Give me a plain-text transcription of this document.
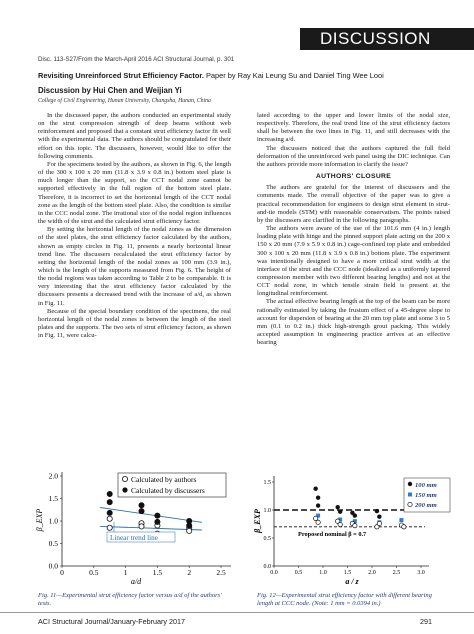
DISCUSSION
Disc. 113-S27/From the March-April 2016 ACI Structural Journal, p. 301
Revisiting Unreinforced Strut Efficiency Factor. Paper by Ray Kai Leung Su and Daniel Ting Wee Looi
Discussion by Hui Chen and Weijian Yi
College of Civil Engineering, Hunan University, Changsha, Hunan, China

In the discussed paper, the authors conducted an experimental study on the strut compression strength of deep beams without web reinforcement and proposed that a constant strut efficiency factor fit well with the experimental data. The authors should be congratulated for their effort on this topic. The discussers, however, would like to offer the following comments.

For the specimens tested by the authors, as shown in Fig. 6, the length of the 300 x 100 x 20 mm (11.8 x 3.9 x 0.8 in.) bottom steel plate is much longer than the support, so the CCT nodal zone cannot be supported effectively in the full region of the bottom steel plate. Therefore, it is incorrect to set the horizontal length of the CCT nodal zone as the length of the bottom steel plate. Also, the condition is similar in the CCC nodal zone. The irrational size of the nodal region influences the width of the strut and the calculated strut efficiency factor.

By setting the horizontal length of the nodal zones as the dimension of the steel plates, the strut efficiency factor calculated by the authors, shown as empty circles in Fig. 11, presents a nearly horizontal linear trend line. The discussers recalculated the strut efficiency factor by setting the horizontal length of the nodal zones as 100 mm (3.9 in.), which is the length of the supports measured from Fig. 6. The height of the nodal regions was taken according to Table 2 to be comparable. It is very interesting that the strut efficiency factor calculated by the discussers presents a decreased trend with the increase of a/d, as shown in Fig. 11.

Because of the special boundary condition of the specimens, the real horizontal length of the nodal zones is between the length of the steel plates and the supports. The two sets of strut efficiency factors, as shown in Fig. 11, were calcu-

lated according to the upper and lower limits of the nodal size, respectively. Therefore, the real trend line of the strut efficiency factors shall be between the two lines in Fig. 11, and still decreases with the increasing a/d.

The discussers noticed that the authors captured the full field deformation of the unreinforced web panel using the DIC technique. Can the authors provide more information to clarify the issue?

AUTHORS' CLOSURE

The authors are grateful for the interest of discussers and the comments made. The overall objective of the paper was to give a practical recommendation for engineers to design strut element in strut-and-tie models (STM) with reasonable conservatism. The points raised by the discussers are clarified in the following paragraphs.

The authors were aware of the use of the 101.6 mm (4 in.) length loading plate with hinge and the pinned support plate acting on the 200 x 150 x 20 mm (7.9 x 5.9 x 0.8 in.) cage-confined top plate and embedded 300 x 100 x 20 mm (11.8 x 3.9 x 0.8 in.) bottom plate. The experiment was intentionally designed to have a more critical strut width at the interface of the strut and the CCC node (idealized as a uniformly tapered compression member with two different bearing lengths) and not at the CCT nodal zone, in which tensile strain field is present at the longitudinal reinforcement.

The actual effective bearing length at the top of the beam can be more rationally estimated by taking the frustum effect of a 45-degree slope to account for dispersion of bearing at the 20 mm top plate and some 3 to 5 mm (0.1 to 0.2 in.) thick high-strength grout packing. This widely accepted assumption in engineering practice arrives at an effective bearing

0	0.5	1	1.5	2	2.5
0.0
0.5
1.0
1.5
2.0	Calculated by authors
Calculated by discussers
Linear trend line
a/d
β_EXP
Fig. 11—Experimental strut efficiency factor versus a/d of the authors' tests.
0.0	0.5	1.0	1.5	2.0	2.5	3.0
0.0
0.5
1.0
1.5	100 mm
150 mm
200 mm
Proposed nominal β = 0.7
a / z
β_EXP
Fig. 12—Experimental strut efficiency factor with different bearing length at CCC node. (Note: 1 mm = 0.0394 in.)
ACI Structural Journal/January-February 2017	291
